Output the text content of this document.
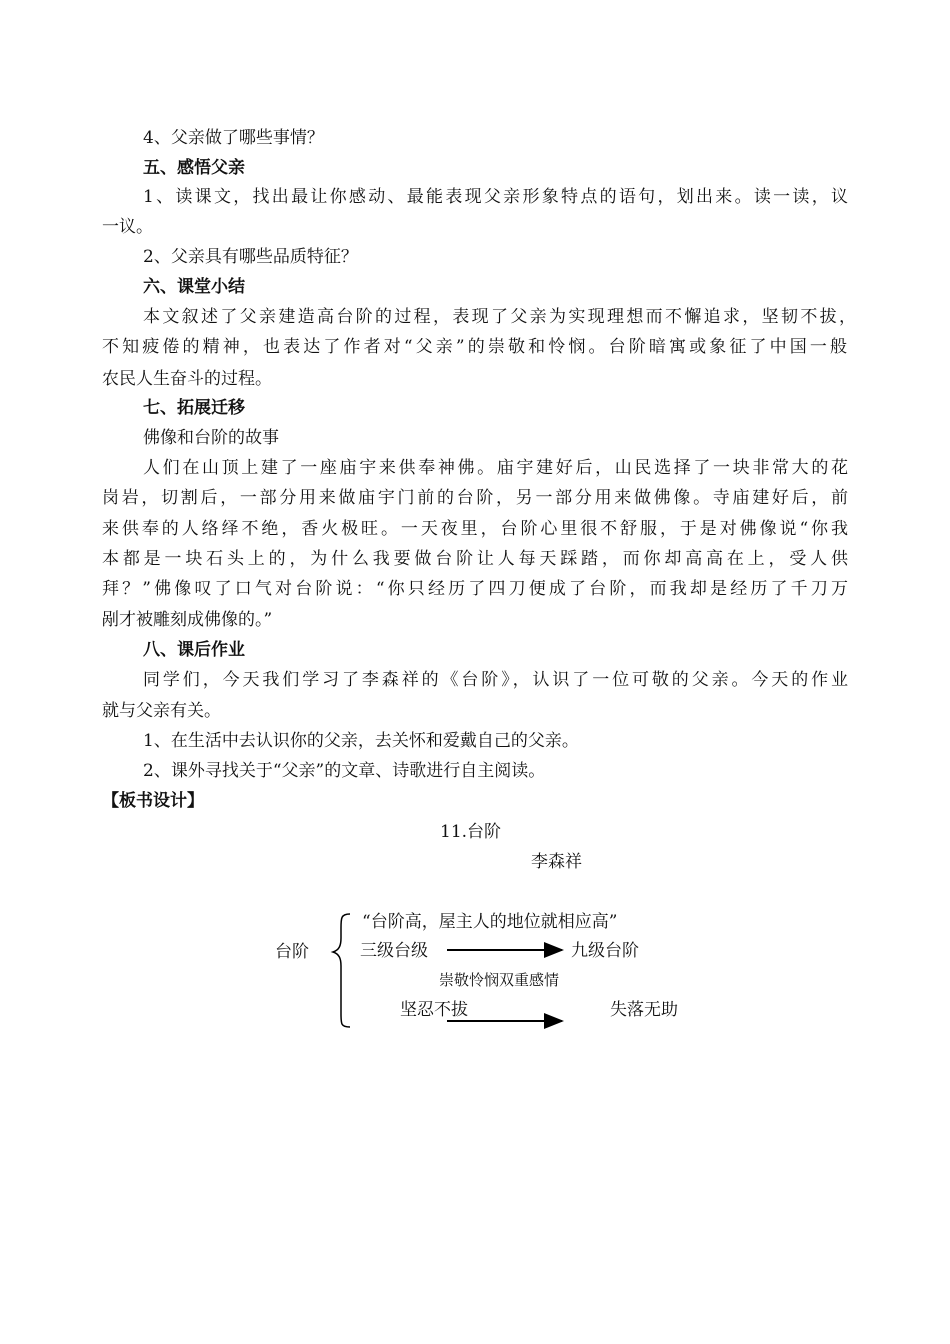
4、父亲做了哪些事情？
五、感悟父亲
1、读课文，找出最让你感动、最能表现父亲形象特点的语句，划出来。读一读，议
一议。
2、父亲具有哪些品质特征？
六、课堂小结
本文叙述了父亲建造高台阶的过程，表现了父亲为实现理想而不懈追求，坚韧不拔，
不知疲倦的精神，也表达了作者对“父亲”的崇敬和怜悯。台阶暗寓或象征了中国一般
农民人生奋斗的过程。
七、拓展迁移
佛像和台阶的故事
人们在山顶上建了一座庙宇来供奉神佛。庙宇建好后，山民选择了一块非常大的花
岗岩，切割后，一部分用来做庙宇门前的台阶，另一部分用来做佛像。寺庙建好后，前
来供奉的人络绎不绝，香火极旺。一天夜里，台阶心里很不舒服，于是对佛像说“你我
本都是一块石头上的，为什么我要做台阶让人每天踩踏，而你却高高在上，受人供
拜？”佛像叹了口气对台阶说：“你只经历了四刀便成了台阶，而我却是经历了千刀万
剐才被雕刻成佛像的。”
八、课后作业
同学们，今天我们学习了李森祥的《台阶》，认识了一位可敬的父亲。今天的作业
就与父亲有关。
1、在生活中去认识你的父亲，去关怀和爱戴自己的父亲。
2、课外寻找关于“父亲”的文章、诗歌进行自主阅读。
【板书设计】
11.台阶
李森祥
台阶
“台阶高，屋主人的地位就相应高”
三级台级	九级台阶
崇敬怜悯双重感情
坚忍不拔	失落无助
